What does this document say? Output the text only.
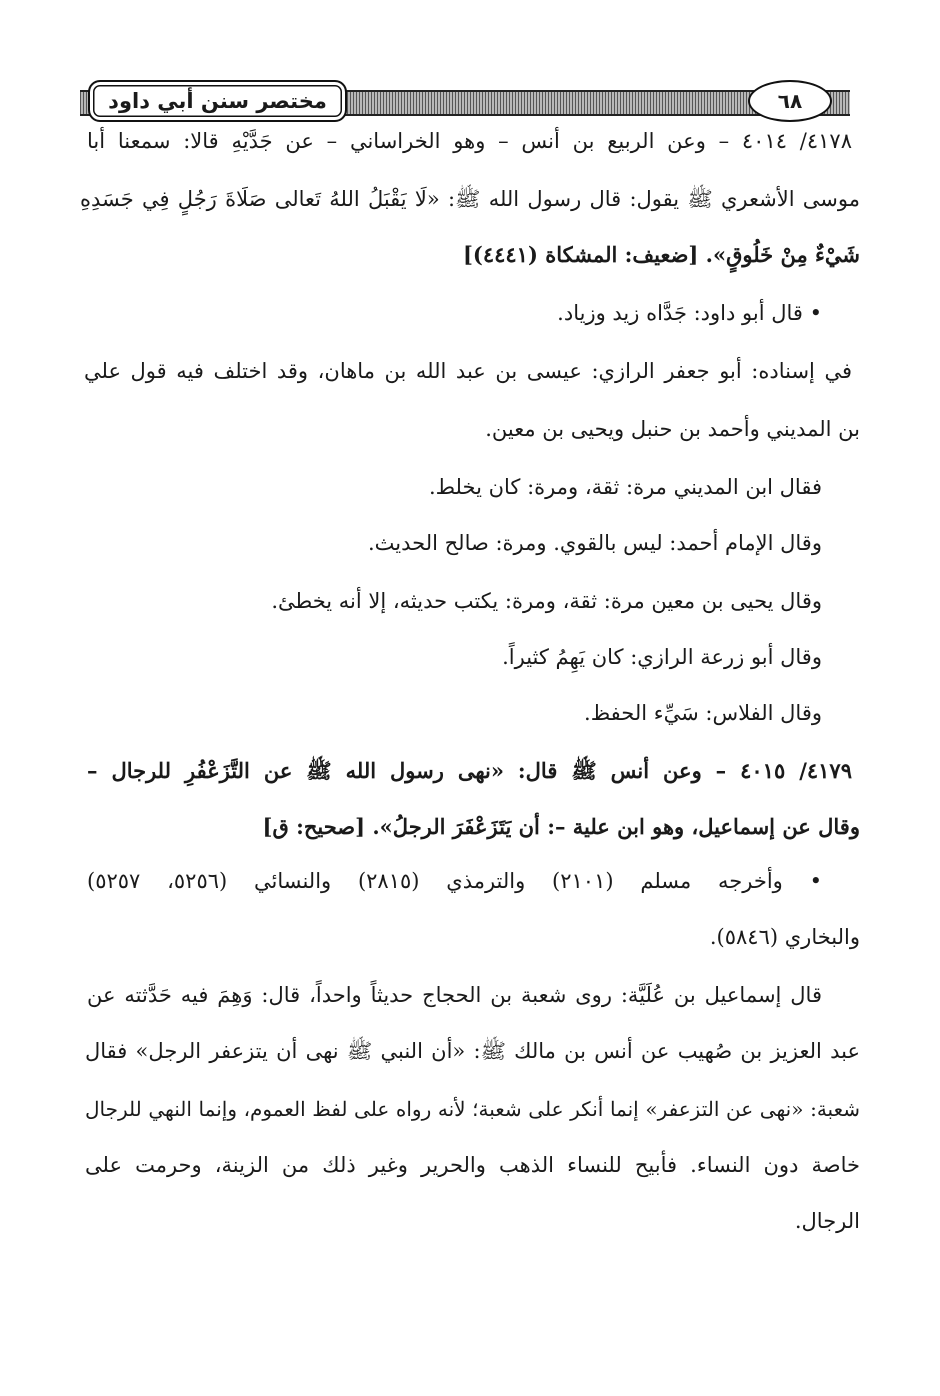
مختصر سنن أبي داود	٦٨
٤١٧٨/ ٤٠١٤ – وعن الربيع بن أنس – وهو الخراساني – عن جَدَّيْهِ قالا: سمعنا أبا
موسى الأشعري ﷺ يقول: قال رسول الله ﷺ: «لَا يَقْبَلُ اللهُ تَعالى صَلَاةَ رَجُلٍ فِي جَسَدِهِ
شَيْءٌ مِنْ خَلُوقٍ». [ضعيف: المشكاة (٤٤٤١)]
• قال أبو داود: جَدَّاه زيد وزياد.
في إسناده: أبو جعفر الرازي: عيسى بن عبد الله بن ماهان، وقد اختلف فيه قول علي
بن المديني وأحمد بن حنبل ويحيى بن معين.
فقال ابن المديني مرة: ثقة، ومرة: كان يخلط.
وقال الإمام أحمد: ليس بالقوي. ومرة: صالح الحديث.
وقال يحيى بن معين مرة: ثقة، ومرة: يكتب حديثه، إلا أنه يخطئ.
وقال أبو زرعة الرازي: كان يَهِمُ كثيراً.
وقال الفلاس: سَيِّء الحفظ.
٤١٧٩/ ٤٠١٥ – وعن أنس ﷺ قال: «نهى رسول الله ﷺ عن التَّزَعْفُرِ للرجال –
وقال عن إسماعيل، وهو ابن علية –: أن يَتَزَعْفَرَ الرجلُ». [صحيح: ق]
• وأخرجه مسلم (٢١٠١) والترمذي (٢٨١٥) والنسائي (٥٢٥٦، ٥٢٥٧)
والبخاري (٥٨٤٦).
قال إسماعيل بن عُلَيَّة: روى شعبة بن الحجاج حديثاً واحداً، قال: وَهِمَ فيه حَدَّثته عن
عبد العزيز بن صُهيب عن أنس بن مالك ﷺ: «أن النبي ﷺ نهى أن يتزعفر الرجل» فقال
شعبة: «نهى عن التزعفر» إنما أنكر على شعبة؛ لأنه رواه على لفظ العموم، وإنما النهي للرجال
خاصة دون النساء. فأبيح للنساء الذهب والحرير وغير ذلك من الزينة، وحرمت على
الرجال.
